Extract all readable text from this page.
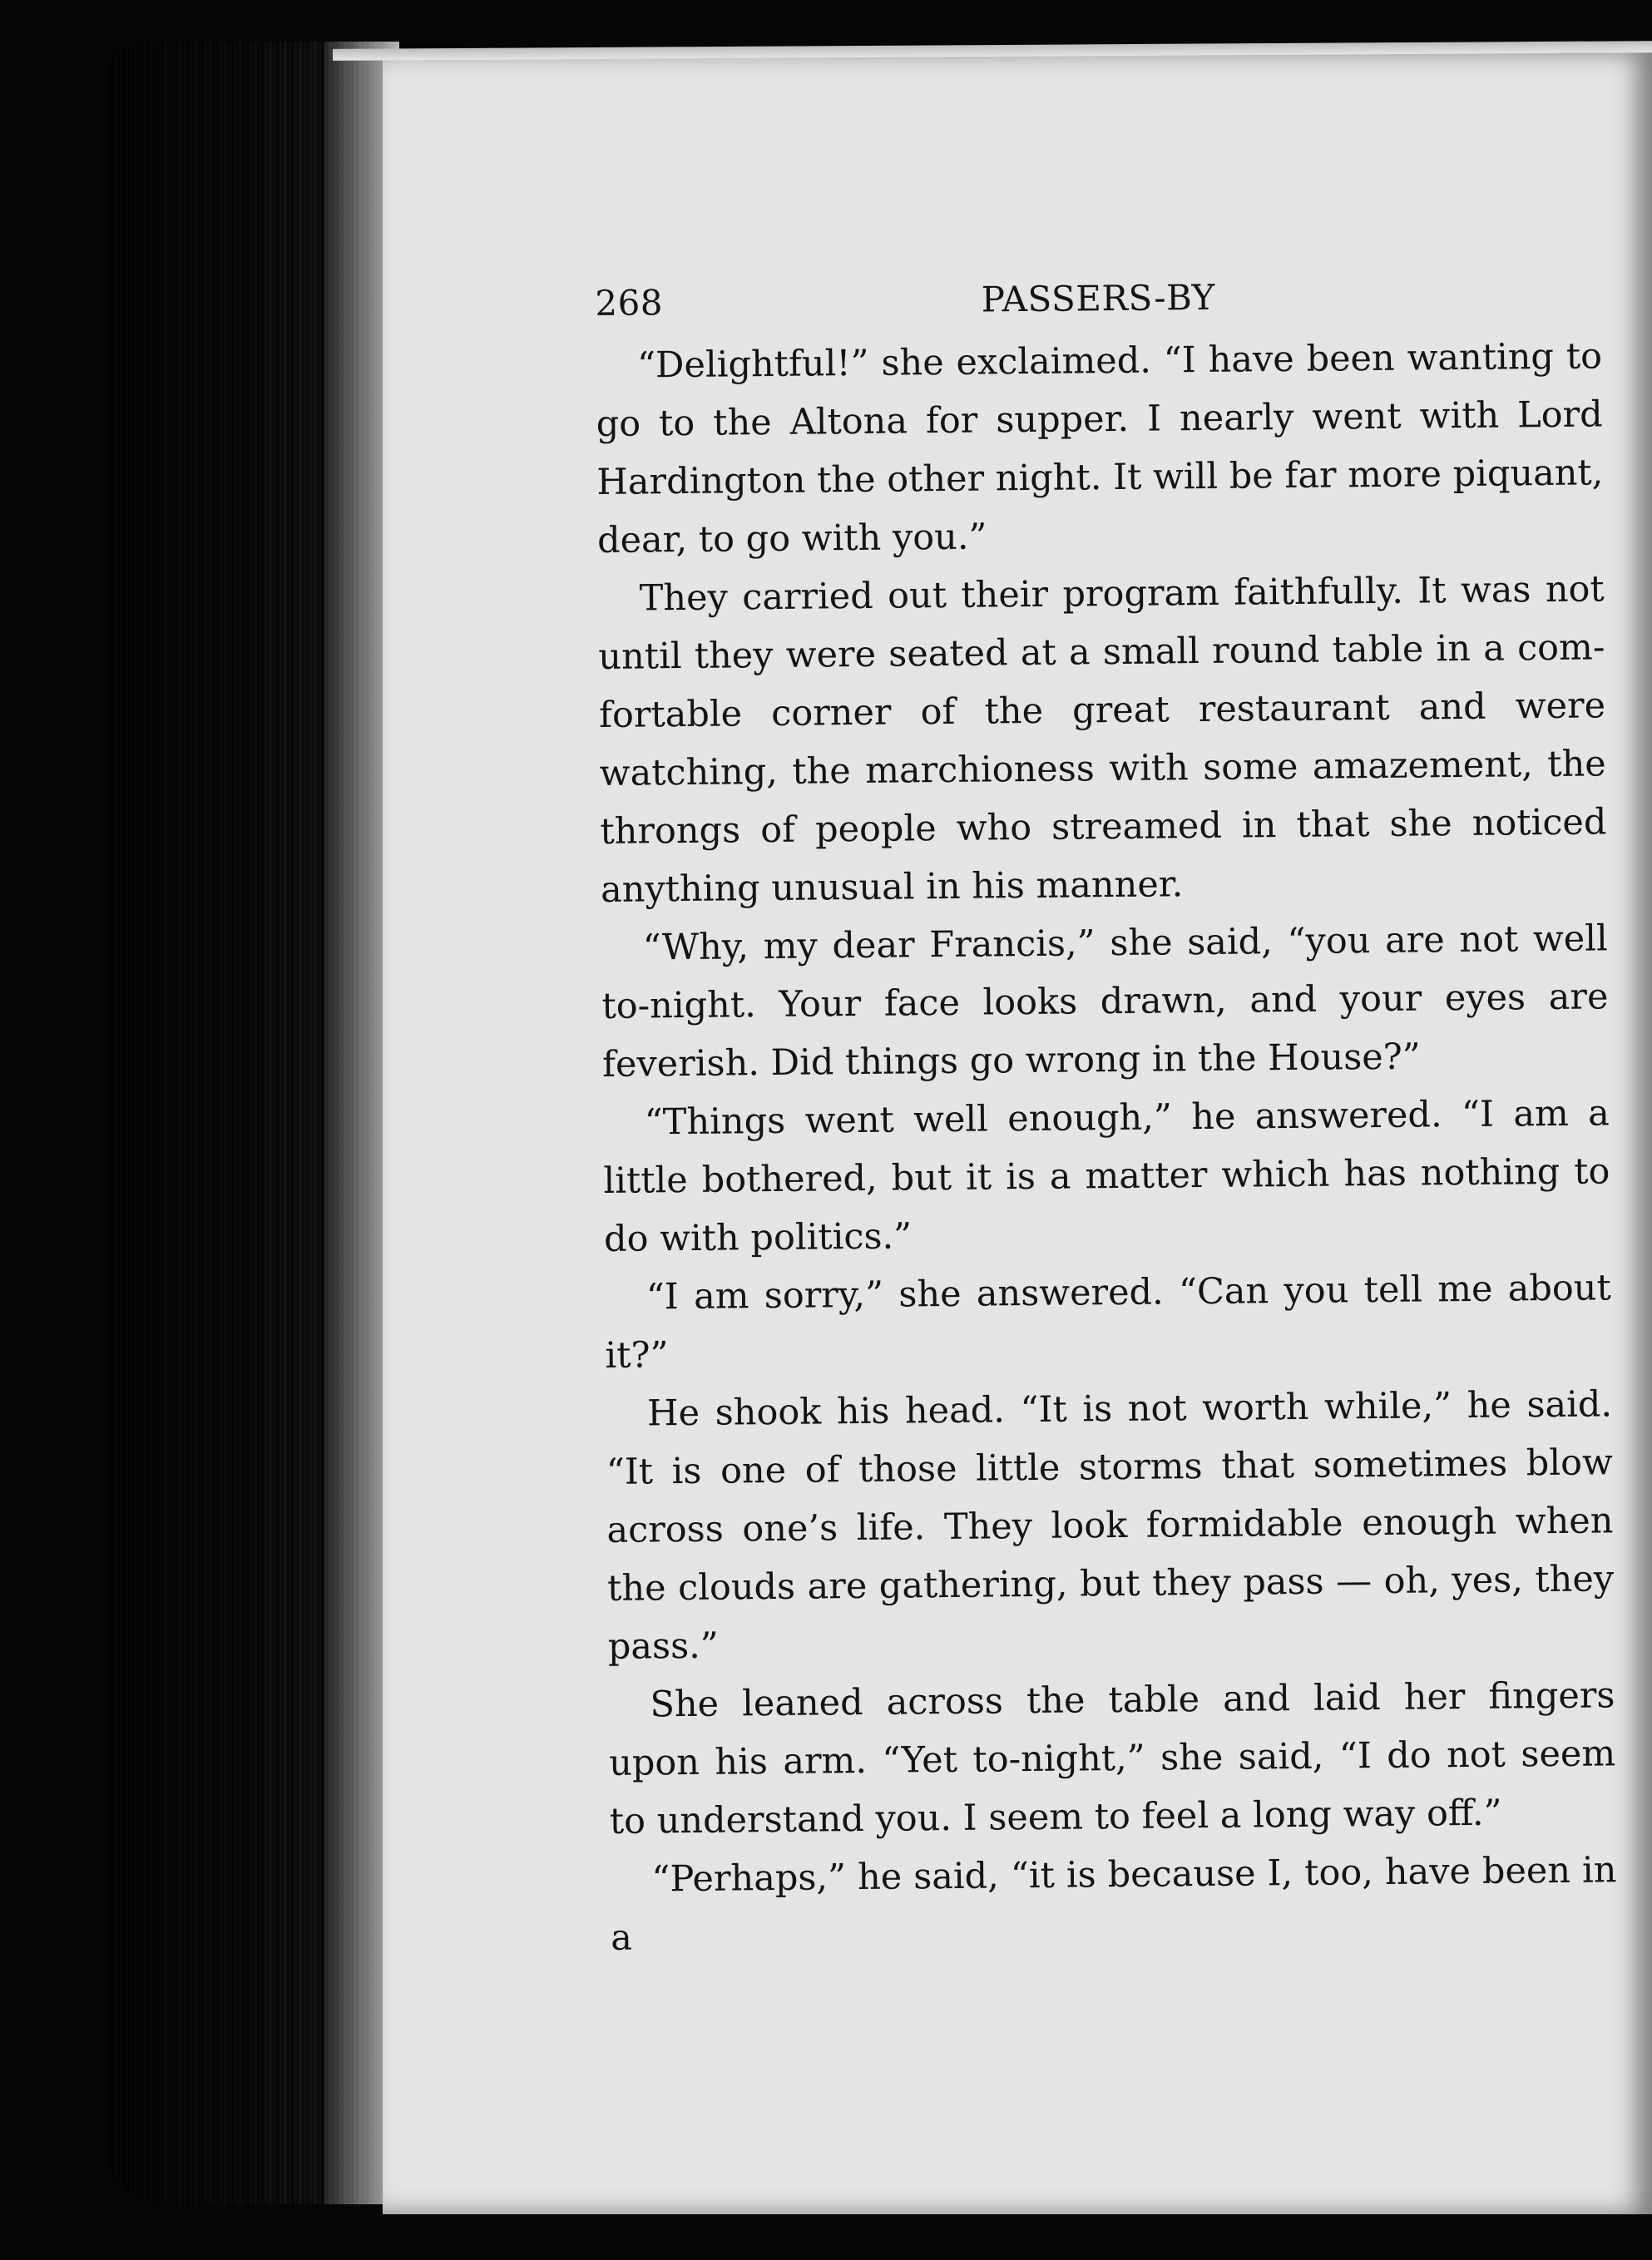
268	PASSERS-BY

“Delightful!” she exclaimed. “I have been wanting to go to the Altona for supper. I nearly went with Lord Hardington the other night. It will be far more piquant, dear, to go with you.”

They carried out their program faithfully. It was not until they were seated at a small round table in a comfortable corner of the great restaurant and were watching, the marchioness with some amazement, the throngs of people who streamed in that she noticed anything unusual in his manner.

“Why, my dear Francis,” she said, “you are not well to-night. Your face looks drawn, and your eyes are feverish. Did things go wrong in the House?”

“Things went well enough,” he answered. “I am a little bothered, but it is a matter which has nothing to do with politics.”

“I am sorry,” she answered. “Can you tell me about it?”

He shook his head. “It is not worth while,” he said. “It is one of those little storms that sometimes blow across one’s life. They look formidable enough when the clouds are gathering, but they pass — oh, yes, they pass.”

She leaned across the table and laid her fingers upon his arm. “Yet to-night,” she said, “I do not seem to understand you. I seem to feel a long way off.”

“Perhaps,” he said, “it is because I, too, have been in a
